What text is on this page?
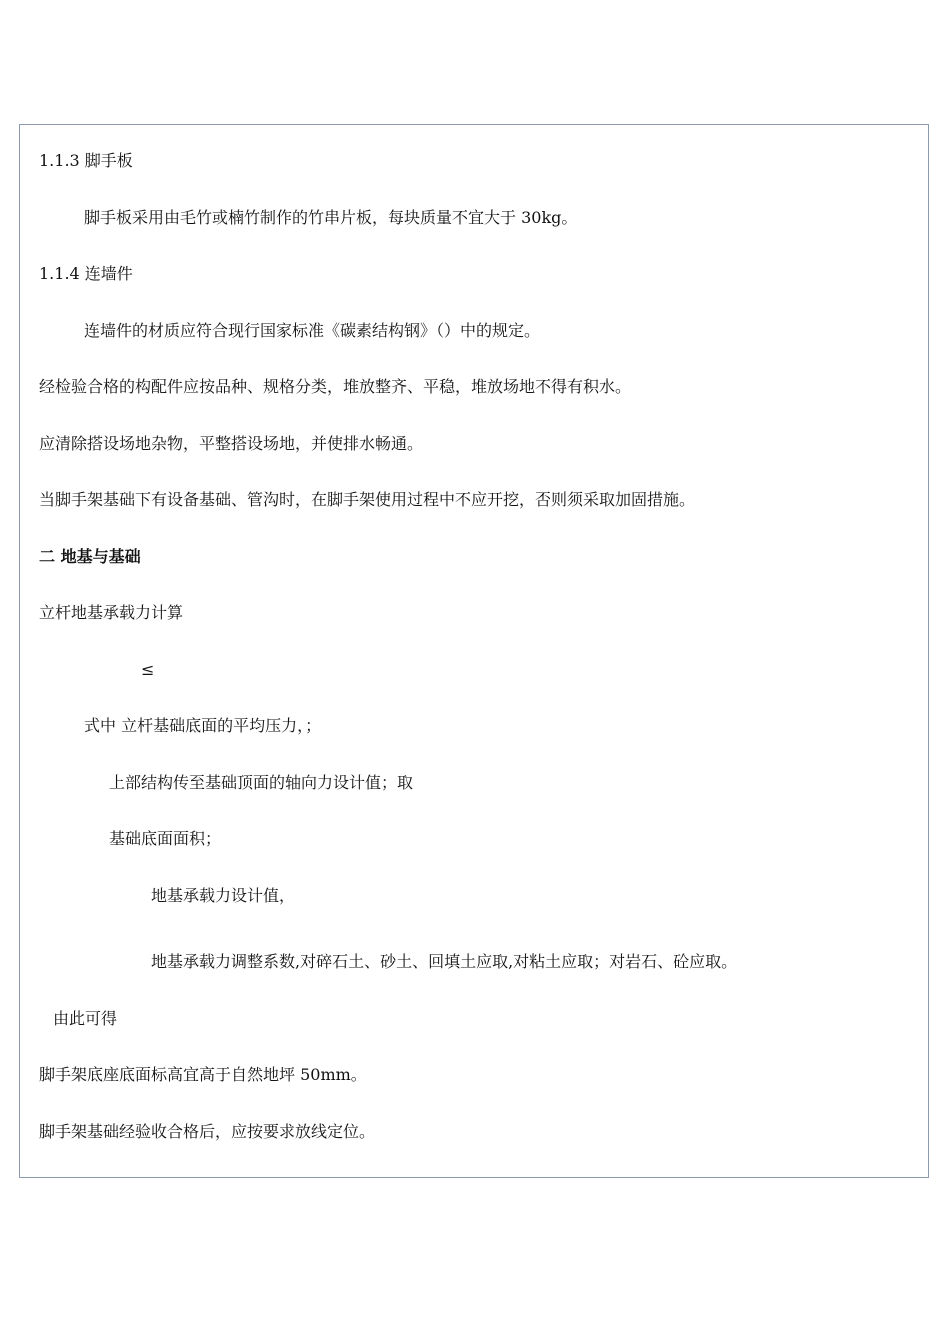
1.1.3 脚手板
脚手板采用由毛竹或楠竹制作的竹串片板，每块质量不宜大于 30kg。
1.1.4 连墙件
连墙件的材质应符合现行国家标准《碳素结构钢》（）中的规定。
经检验合格的构配件应按品种、规格分类，堆放整齐、平稳，堆放场地不得有积水。
应清除搭设场地杂物，平整搭设场地，并使排水畅通。
当脚手架基础下有设备基础、管沟时，在脚手架使用过程中不应开挖，否则须采取加固措施。
二 地基与基础
立杆地基承载力计算
≤
式中 立杆基础底面的平均压力，；
上部结构传至基础顶面的轴向力设计值；取
基础底面面积；
地基承载力设计值，
地基承载力调整系数,对碎石土、砂土、回填土应取,对粘土应取；对岩石、砼应取。
由此可得
脚手架底座底面标高宜高于自然地坪 50mm。
脚手架基础经验收合格后，应按要求放线定位。
